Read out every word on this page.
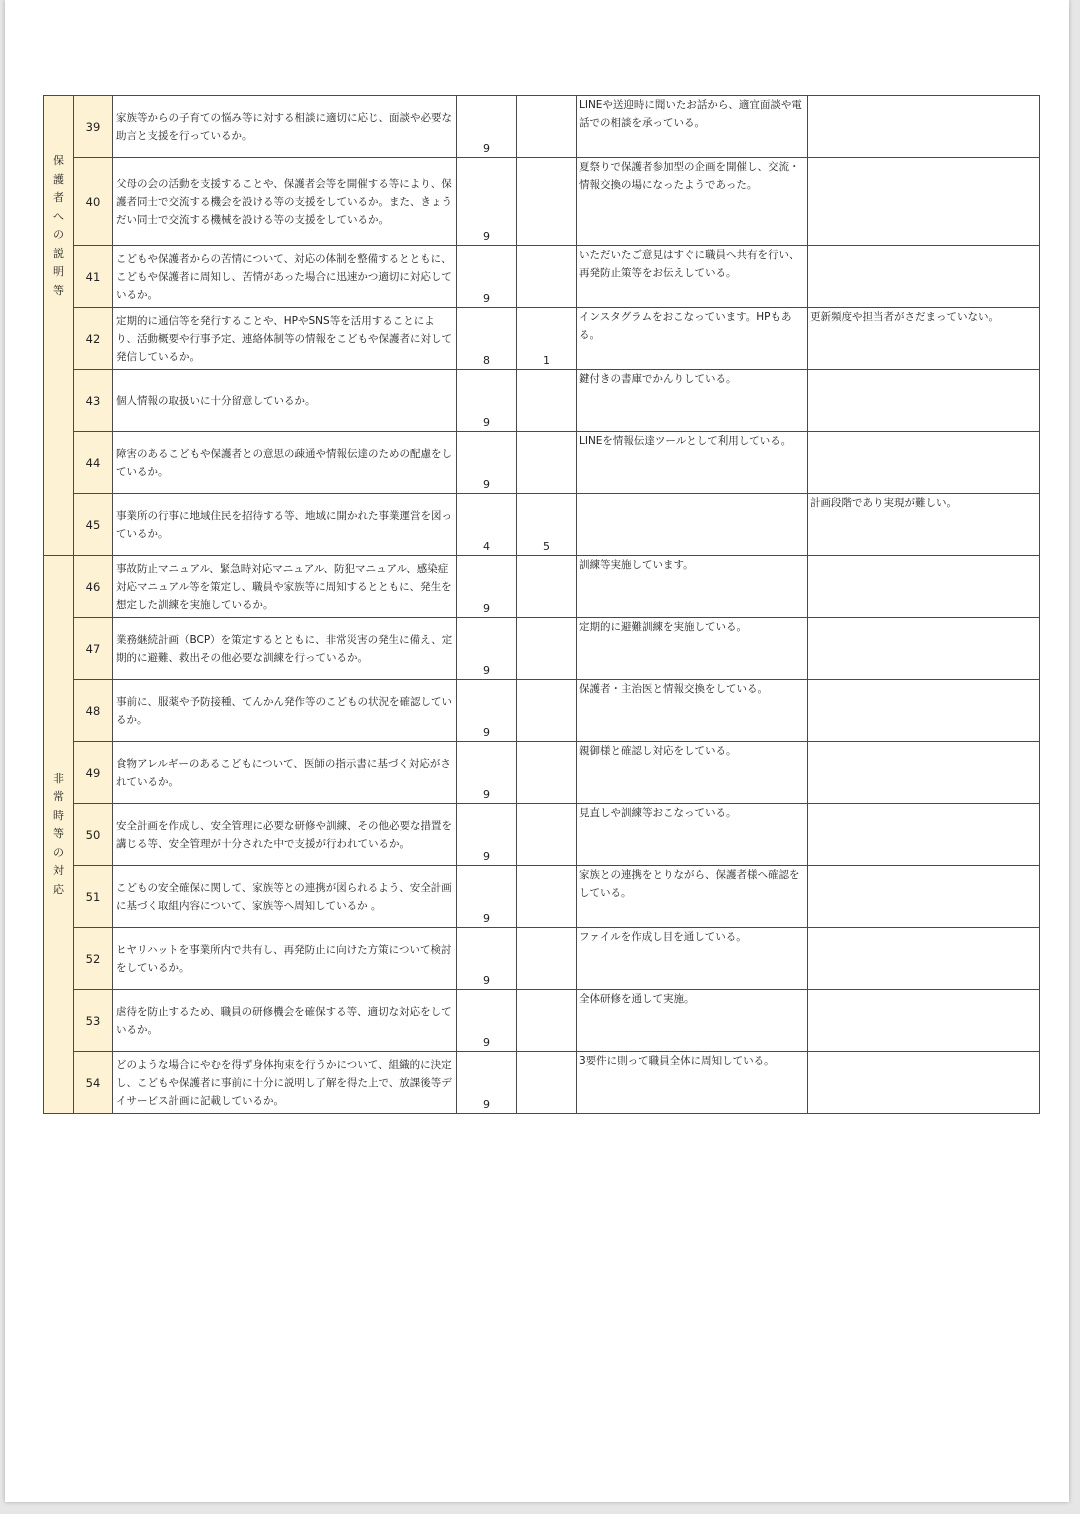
保護者への説明等	39	家族等からの子育ての悩み等に対する相談に適切に応じ、面談や必要な助言と支援を行っているか。	9		LINEや送迎時に聞いたお話から、適宜面談や電話での相談を承っている。	
	40	父母の会の活動を支援することや、保護者会等を開催する等により、保護者同士で交流する機会を設ける等の支援をしているか。また、きょうだい同士で交流する機械を設ける等の支援をしているか。	9		夏祭りで保護者参加型の企画を開催し、交流・情報交換の場になったようであった。	
	41	こどもや保護者からの苦情について、対応の体制を整備するとともに、こどもや保護者に周知し、苦情があった場合に迅速かつ適切に対応しているか。	9		いただいたご意見はすぐに職員へ共有を行い、再発防止策等をお伝えしている。	
	42	定期的に通信等を発行することや、HPやSNS等を活用することにより、活動概要や行事予定、連絡体制等の情報をこどもや保護者に対して発信しているか。	8	1	インスタグラムをおこなっています。HPもある。	更新頻度や担当者がさだまっていない。
	43	個人情報の取扱いに十分留意しているか。	9		鍵付きの書庫でかんりしている。	
	44	障害のあるこどもや保護者との意思の疎通や情報伝達のための配慮をしているか。	9		LINEを情報伝達ツールとして利用している。	
	45	事業所の行事に地域住民を招待する等、地域に開かれた事業運営を図っているか。	4	5		計画段階であり実現が難しい。
非常時等の対応	46	事故防止マニュアル、緊急時対応マニュアル、防犯マニュアル、感染症対応マニュアル等を策定し、職員や家族等に周知するとともに、発生を想定した訓練を実施しているか。	9		訓練等実施しています。	
	47	業務継続計画（BCP）を策定するとともに、非常災害の発生に備え、定期的に避難、救出その他必要な訓練を行っているか。	9		定期的に避難訓練を実施している。	
	48	事前に、服薬や予防接種、てんかん発作等のこどもの状況を確認しているか。	9		保護者・主治医と情報交換をしている。	
	49	食物アレルギーのあるこどもについて、医師の指示書に基づく対応がされているか。	9		親御様と確認し対応をしている。	
	50	安全計画を作成し、安全管理に必要な研修や訓練、その他必要な措置を講じる等、安全管理が十分された中で支援が行われているか。	9		見直しや訓練等おこなっている。	
	51	こどもの安全確保に関して、家族等との連携が図られるよう、安全計画に基づく取組内容について、家族等へ周知しているか 。	9		家族との連携をとりながら、保護者様へ確認をしている。	
	52	ヒヤリハットを事業所内で共有し、再発防止に向けた方策について検討をしているか。	9		ファイルを作成し目を通している。	
	53	虐待を防止するため、職員の研修機会を確保する等、適切な対応をしているか。	9		全体研修を通して実施。	
	54	どのような場合にやむを得ず身体拘束を行うかについて、組織的に決定し、こどもや保護者に事前に十分に説明し了解を得た上で、放課後等デイサービス計画に記載しているか。	9		3要件に則って職員全体に周知している。	
